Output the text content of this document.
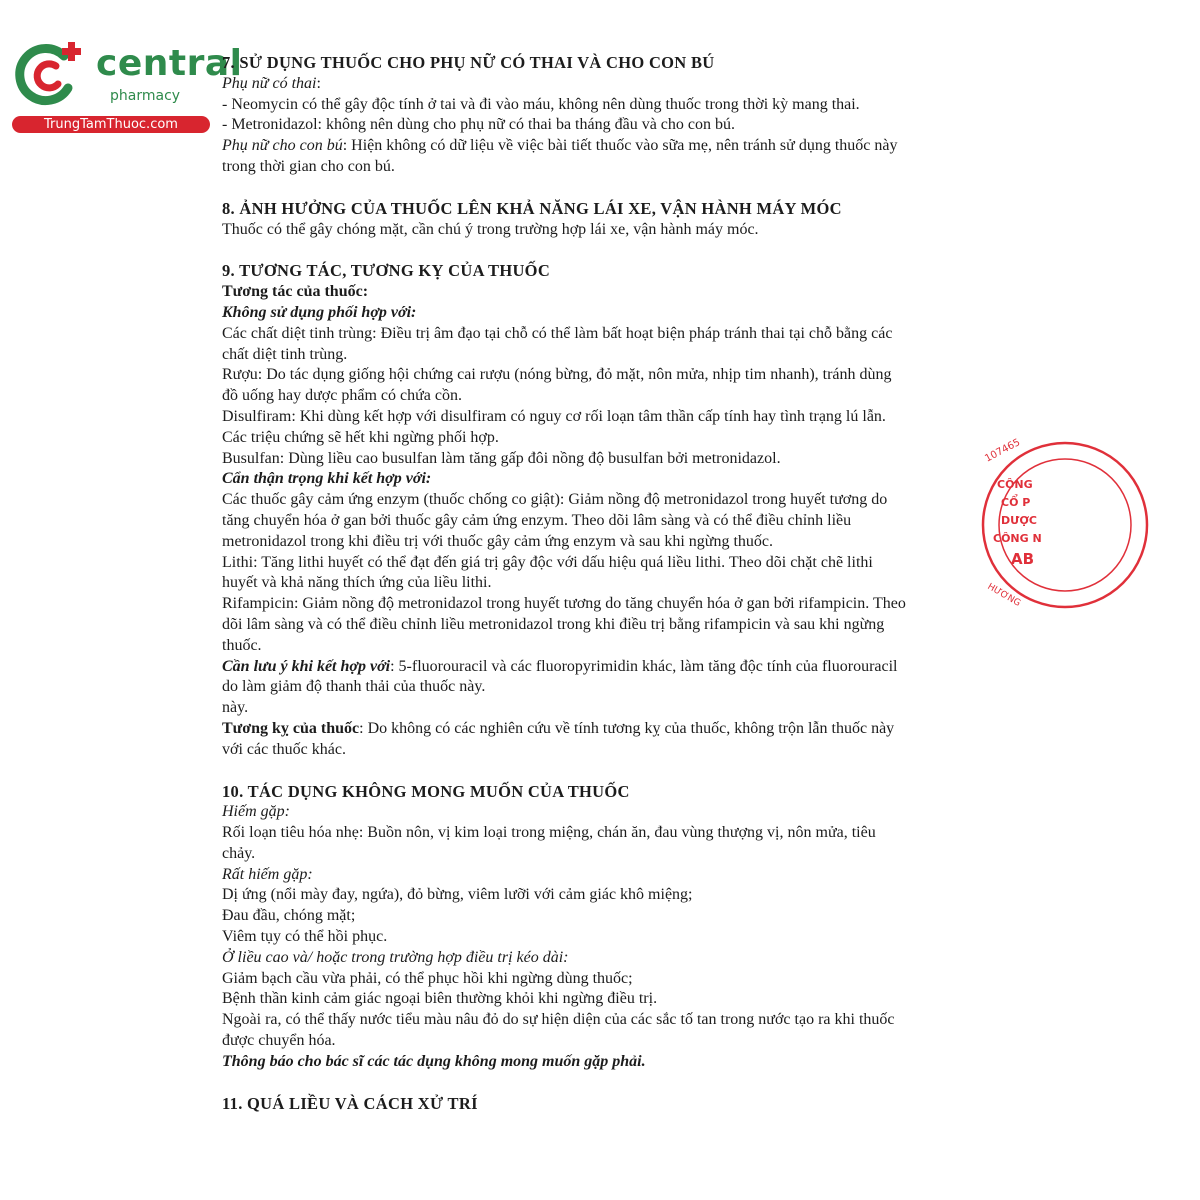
central
pharmacy
TrungTamThuoc.com

7. SỬ DỤNG THUỐC CHO PHỤ NỮ CÓ THAI VÀ CHO CON BÚ

Phụ nữ có thai:

- Neomycin có thể gây độc tính ở tai và đi vào máu, không nên dùng thuốc trong thời kỳ mang thai.

- Metronidazol: không nên dùng cho phụ nữ có thai ba tháng đầu và cho con bú.

Phụ nữ cho con bú: Hiện không có dữ liệu về việc bài tiết thuốc vào sữa mẹ, nên tránh sử dụng thuốc này trong thời gian cho con bú.

8. ẢNH HƯỞNG CỦA THUỐC LÊN KHẢ NĂNG LÁI XE, VẬN HÀNH MÁY MÓC

Thuốc có thể gây chóng mặt, cần chú ý trong trường hợp lái xe, vận hành máy móc.

9. TƯƠNG TÁC, TƯƠNG KỴ CỦA THUỐC

Tương tác của thuốc:

Không sử dụng phối hợp với:

Các chất diệt tinh trùng: Điều trị âm đạo tại chỗ có thể làm bất hoạt biện pháp tránh thai tại chỗ bằng các chất diệt tinh trùng.

Rượu: Do tác dụng giống hội chứng cai rượu (nóng bừng, đỏ mặt, nôn mửa, nhịp tim nhanh), tránh dùng đồ uống hay dược phẩm có chứa cồn.

Disulfiram: Khi dùng kết hợp với disulfiram có nguy cơ rối loạn tâm thần cấp tính hay tình trạng lú lẫn. Các triệu chứng sẽ hết khi ngừng phối hợp.

Busulfan: Dùng liều cao busulfan làm tăng gấp đôi nồng độ busulfan bởi metronidazol.

Cẩn thận trọng khi kết hợp với:

Các thuốc gây cảm ứng enzym (thuốc chống co giật): Giảm nồng độ metronidazol trong huyết tương do tăng chuyển hóa ở gan bởi thuốc gây cảm ứng enzym. Theo dõi lâm sàng và có thể điều chỉnh liều metronidazol trong khi điều trị với thuốc gây cảm ứng enzym và sau khi ngừng thuốc.

Lithi: Tăng lithi huyết có thể đạt đến giá trị gây độc với dấu hiệu quá liều lithi. Theo dõi chặt chẽ lithi huyết và khả năng thích ứng của liều lithi.

Rifampicin: Giảm nồng độ metronidazol trong huyết tương do tăng chuyển hóa ở gan bởi rifampicin. Theo dõi lâm sàng và có thể điều chỉnh liều metronidazol trong khi điều trị bằng rifampicin và sau khi ngừng thuốc.

Cần lưu ý khi kết hợp với: 5-fluorouracil và các fluoropyrimidin khác, làm tăng độc tính của fluorouracil do làm giảm độ thanh thải của thuốc này.

này.

Tương kỵ của thuốc: Do không có các nghiên cứu về tính tương kỵ của thuốc, không trộn lẫn thuốc này với các thuốc khác.

10. TÁC DỤNG KHÔNG MONG MUỐN CỦA THUỐC

Hiếm gặp:

Rối loạn tiêu hóa nhẹ: Buồn nôn, vị kim loại trong miệng, chán ăn, đau vùng thượng vị, nôn mửa, tiêu chảy.

Rất hiếm gặp:

Dị ứng (nổi mày đay, ngứa), đỏ bừng, viêm lưỡi với cảm giác khô miệng;

Đau đầu, chóng mặt;

Viêm tụy có thể hồi phục.

Ở liều cao và/ hoặc trong trường hợp điều trị kéo dài:

Giảm bạch cầu vừa phải, có thể phục hồi khi ngừng dùng thuốc;

Bệnh thần kinh cảm giác ngoại biên thường khỏi khi ngừng điều trị.

Ngoài ra, có thể thấy nước tiểu màu nâu đỏ do sự hiện diện của các sắc tố tan trong nước tạo ra khi thuốc được chuyển hóa.

Thông báo cho bác sĩ các tác dụng không mong muốn gặp phải.

11. QUÁ LIỀU VÀ CÁCH XỬ TRÍ

107465
CÔNG
CỔ P
DƯỢC
CÔNG N
AB
HƯƠNG
